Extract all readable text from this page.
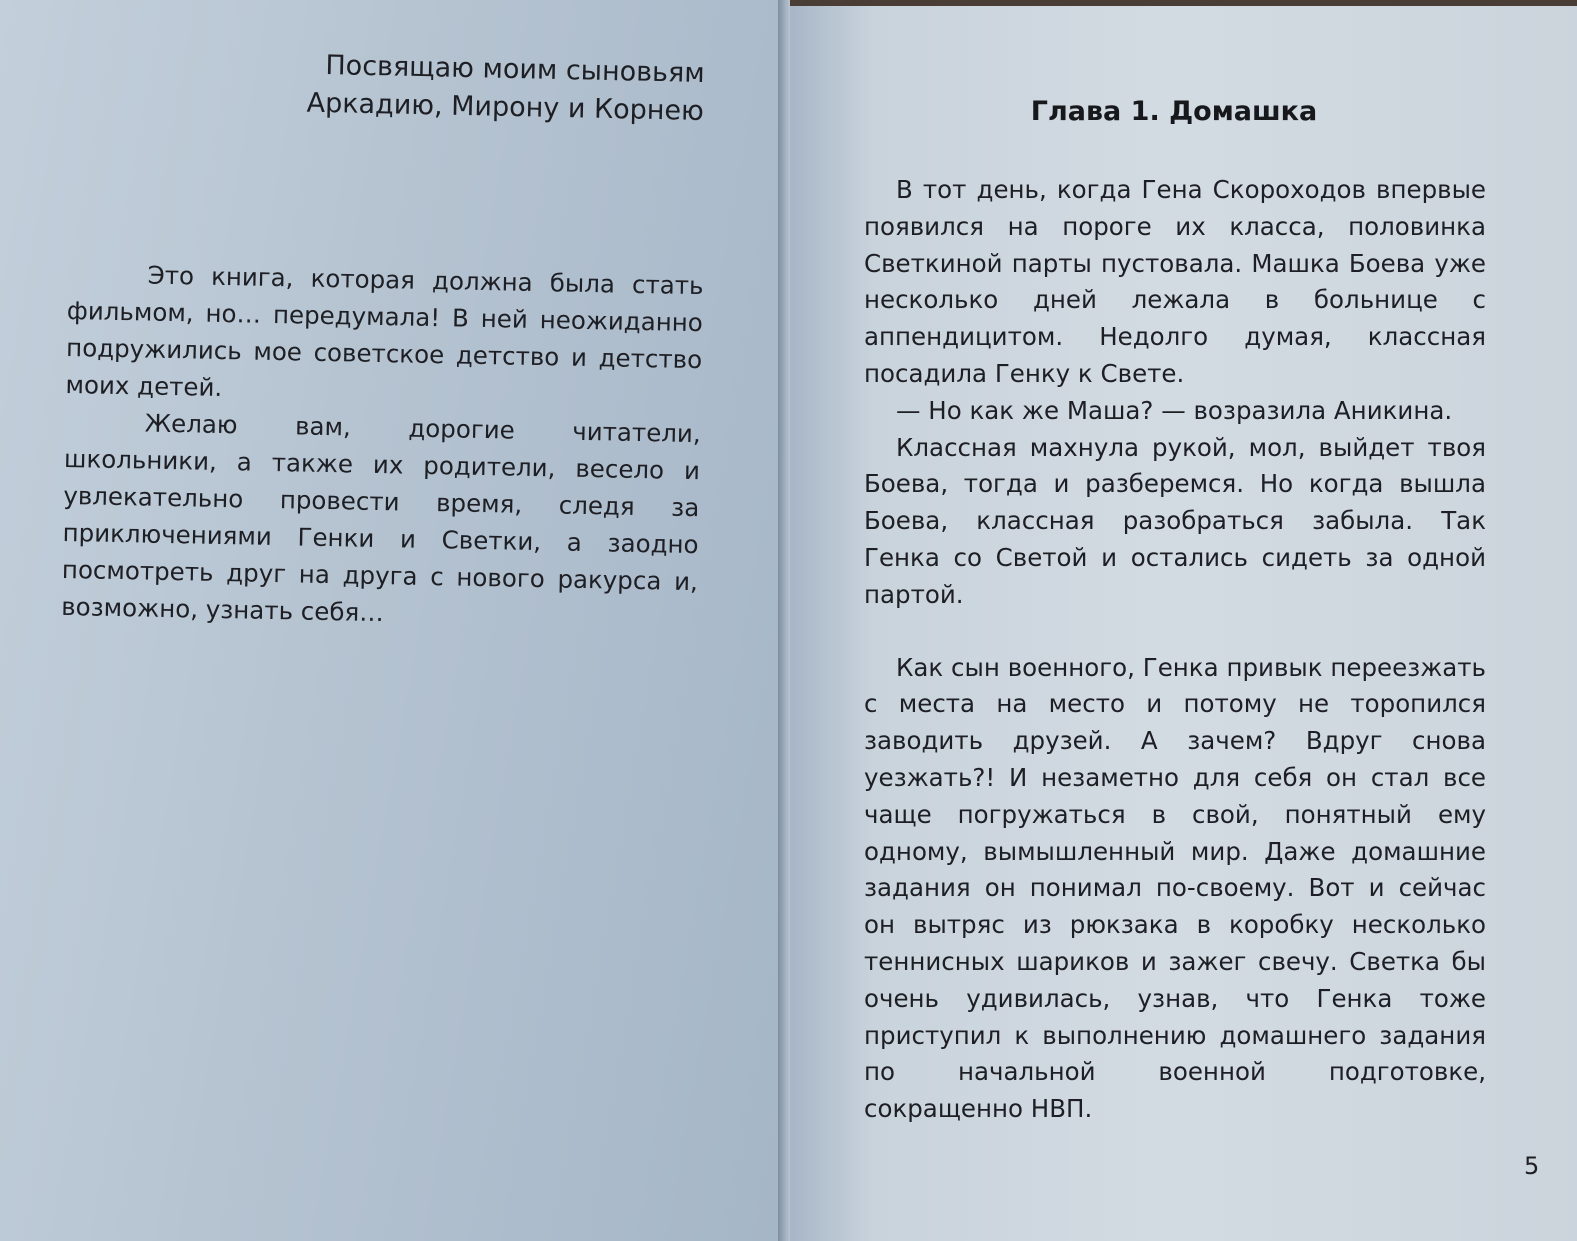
Посвящаю моим сыновьям

Аркадию, Мирону и Корнею

Это книга, которая должна была стать фильмом, но… передумала! В ней неожиданно подружились мое советское детство и детство моих детей.

Желаю вам, дорогие читатели, школьники, а также их родители, весело и увлекательно провести время, следя за приключениями Генки и Светки, а заодно посмотреть друг на друга с нового ракурса и, возможно, узнать себя…

Глава 1. Домашка

В тот день, когда Гена Скороходов впервые появился на пороге их класса, половинка Светкиной парты пустовала. Машка Боева уже несколько дней лежала в больнице с аппендицитом. Недолго думая, классная посадила Генку к Свете.

— Но как же Маша? — возразила Аникина.

Классная махнула рукой, мол, выйдет твоя Боева, тогда и разберемся. Но когда вышла Боева, классная разобраться забыла. Так Генка со Светой и остались сидеть за одной партой.

Как сын военного, Генка привык переезжать с места на место и потому не торопился заводить друзей. А зачем? Вдруг снова уезжать?! И незаметно для себя он стал все чаще погружаться в свой, понятный ему одному, вымышленный мир. Даже домашние задания он понимал по-своему. Вот и сейчас он вытряс из рюкзака в коробку несколько теннисных шариков и зажег свечу. Светка бы очень удивилась, узнав, что Генка тоже приступил к выполнению домашнего задания по начальной военной подготовке, сокращенно НВП.

5
